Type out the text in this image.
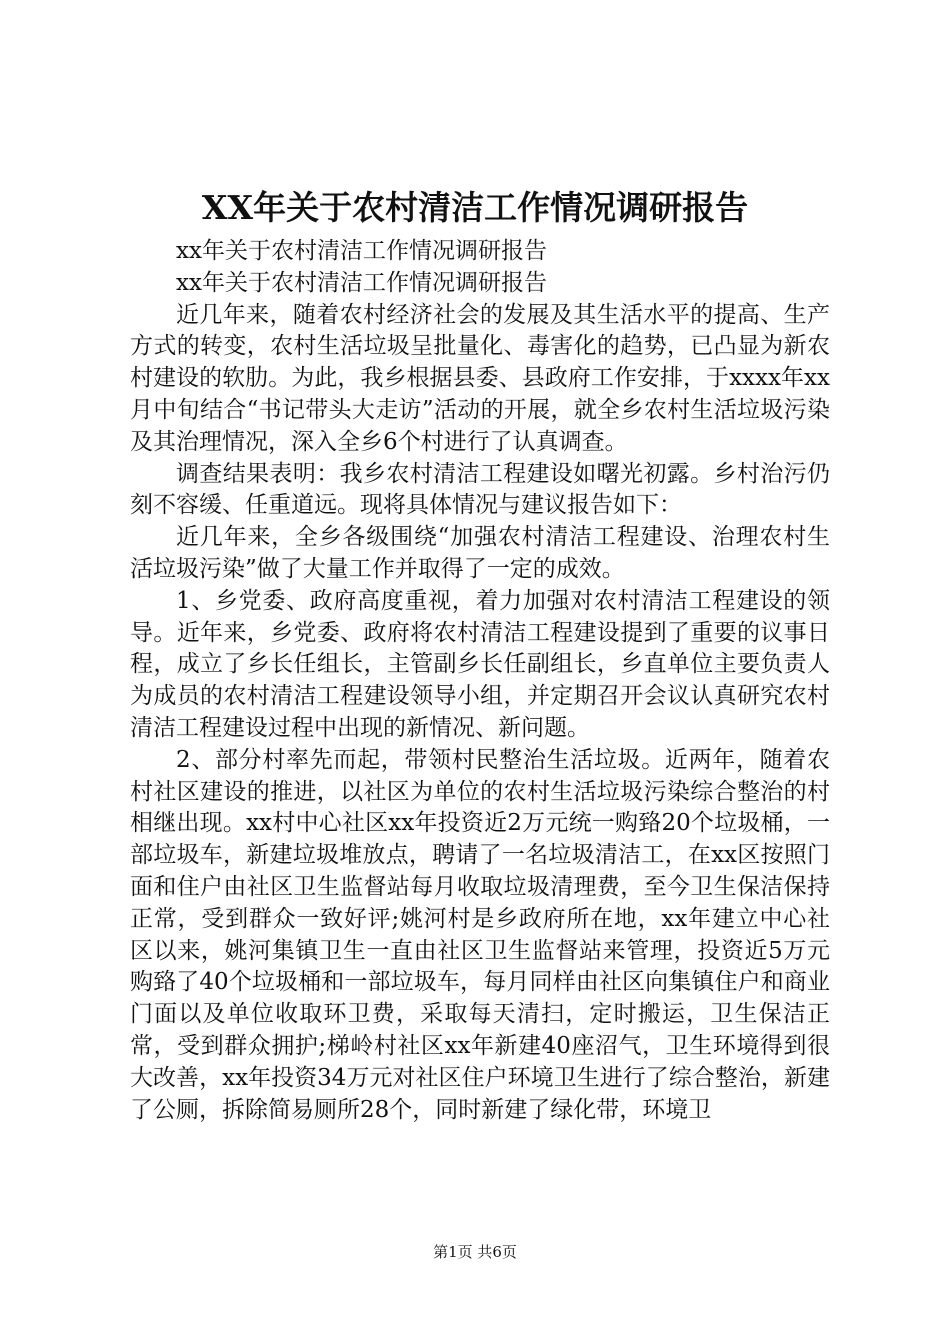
XX年关于农村清洁工作情况调研报告

xx年关于农村清洁工作情况调研报告

xx年关于农村清洁工作情况调研报告

近几年来，随着农村经济社会的发展及其生活水平的提高、生产方式的转变，农村生活垃圾呈批量化、毒害化的趋势，已凸显为新农村建设的软肋。为此，我乡根据县委、县政府工作安排，于xxxx年xx月中旬结合“书记带头大走访”活动的开展，就全乡农村生活垃圾污染及其治理情况，深入全乡6个村进行了认真调查。

调查结果表明：我乡农村清洁工程建设如曙光初露。乡村治污仍刻不容缓、任重道远。现将具体情况与建议报告如下：

近几年来，全乡各级围绕“加强农村清洁工程建设、治理农村生活垃圾污染”做了大量工作并取得了一定的成效。

1、乡党委、政府高度重视，着力加强对农村清洁工程建设的领导。近年来，乡党委、政府将农村清洁工程建设提到了重要的议事日程，成立了乡长任组长，主管副乡长任副组长，乡直单位主要负责人为成员的农村清洁工程建设领导小组，并定期召开会议认真研究农村清洁工程建设过程中出现的新情况、新问题。

2、部分村率先而起，带领村民整治生活垃圾。近两年，随着农村社区建设的推进，以社区为单位的农村生活垃圾污染综合整治的村相继出现。xx村中心社区xx年投资近2万元统一购臵20个垃圾桶，一部垃圾车，新建垃圾堆放点，聘请了一名垃圾清洁工，在xx区按照门面和住户由社区卫生监督站每月收取垃圾清理费，至今卫生保洁保持正常，受到群众一致好评;姚河村是乡政府所在地，xx年建立中心社区以来，姚河集镇卫生一直由社区卫生监督站来管理，投资近5万元购臵了40个垃圾桶和一部垃圾车，每月同样由社区向集镇住户和商业门面以及单位收取环卫费，采取每天清扫，定时搬运，卫生保洁正常，受到群众拥护;梯岭村社区xx年新建40座沼气，卫生环境得到很大改善，xx年投资34万元对社区住户环境卫生进行了综合整治，新建了公厕，拆除简易厕所28个，同时新建了绿化带，环境卫

第1页 共6页
